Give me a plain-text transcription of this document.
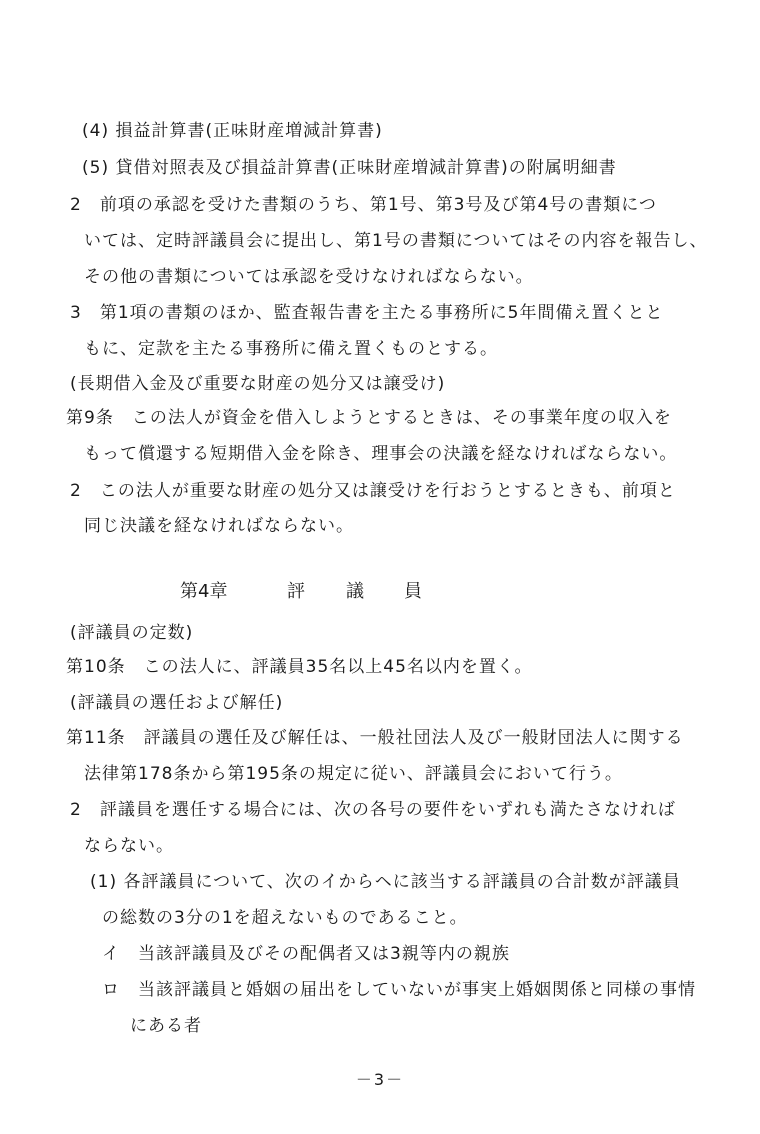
(4) 損益計算書(正味財産増減計算書)
(5) 貸借対照表及び損益計算書(正味財産増減計算書)の附属明細書
2　前項の承認を受けた書類のうち、第1号、第3号及び第4号の書類につ
いては、定時評議員会に提出し、第1号の書類についてはその内容を報告し、
その他の書類については承認を受けなければならない。
3　第1項の書類のほか、監査報告書を主たる事務所に5年間備え置くとと
もに、定款を主たる事務所に備え置くものとする。
(長期借入金及び重要な財産の処分又は譲受け)
第9条　この法人が資金を借入しようとするときは、その事業年度の収入を
もって償還する短期借入金を除き、理事会の決議を経なければならない。
2　この法人が重要な財産の処分又は譲受けを行おうとするときも、前項と
同じ決議を経なければならない。
第4章	評 議 員
(評議員の定数)
第10条　この法人に、評議員35名以上45名以内を置く。
(評議員の選任および解任)
第11条　評議員の選任及び解任は、一般社団法人及び一般財団法人に関する
法律第178条から第195条の規定に従い、評議員会において行う。
2　評議員を選任する場合には、次の各号の要件をいずれも満たさなければ
ならない。
(1) 各評議員について、次のイからヘに該当する評議員の合計数が評議員
の総数の3分の1を超えないものであること。
イ　当該評議員及びその配偶者又は3親等内の親族
ロ　当該評議員と婚姻の届出をしていないが事実上婚姻関係と同様の事情
にある者
－3－
